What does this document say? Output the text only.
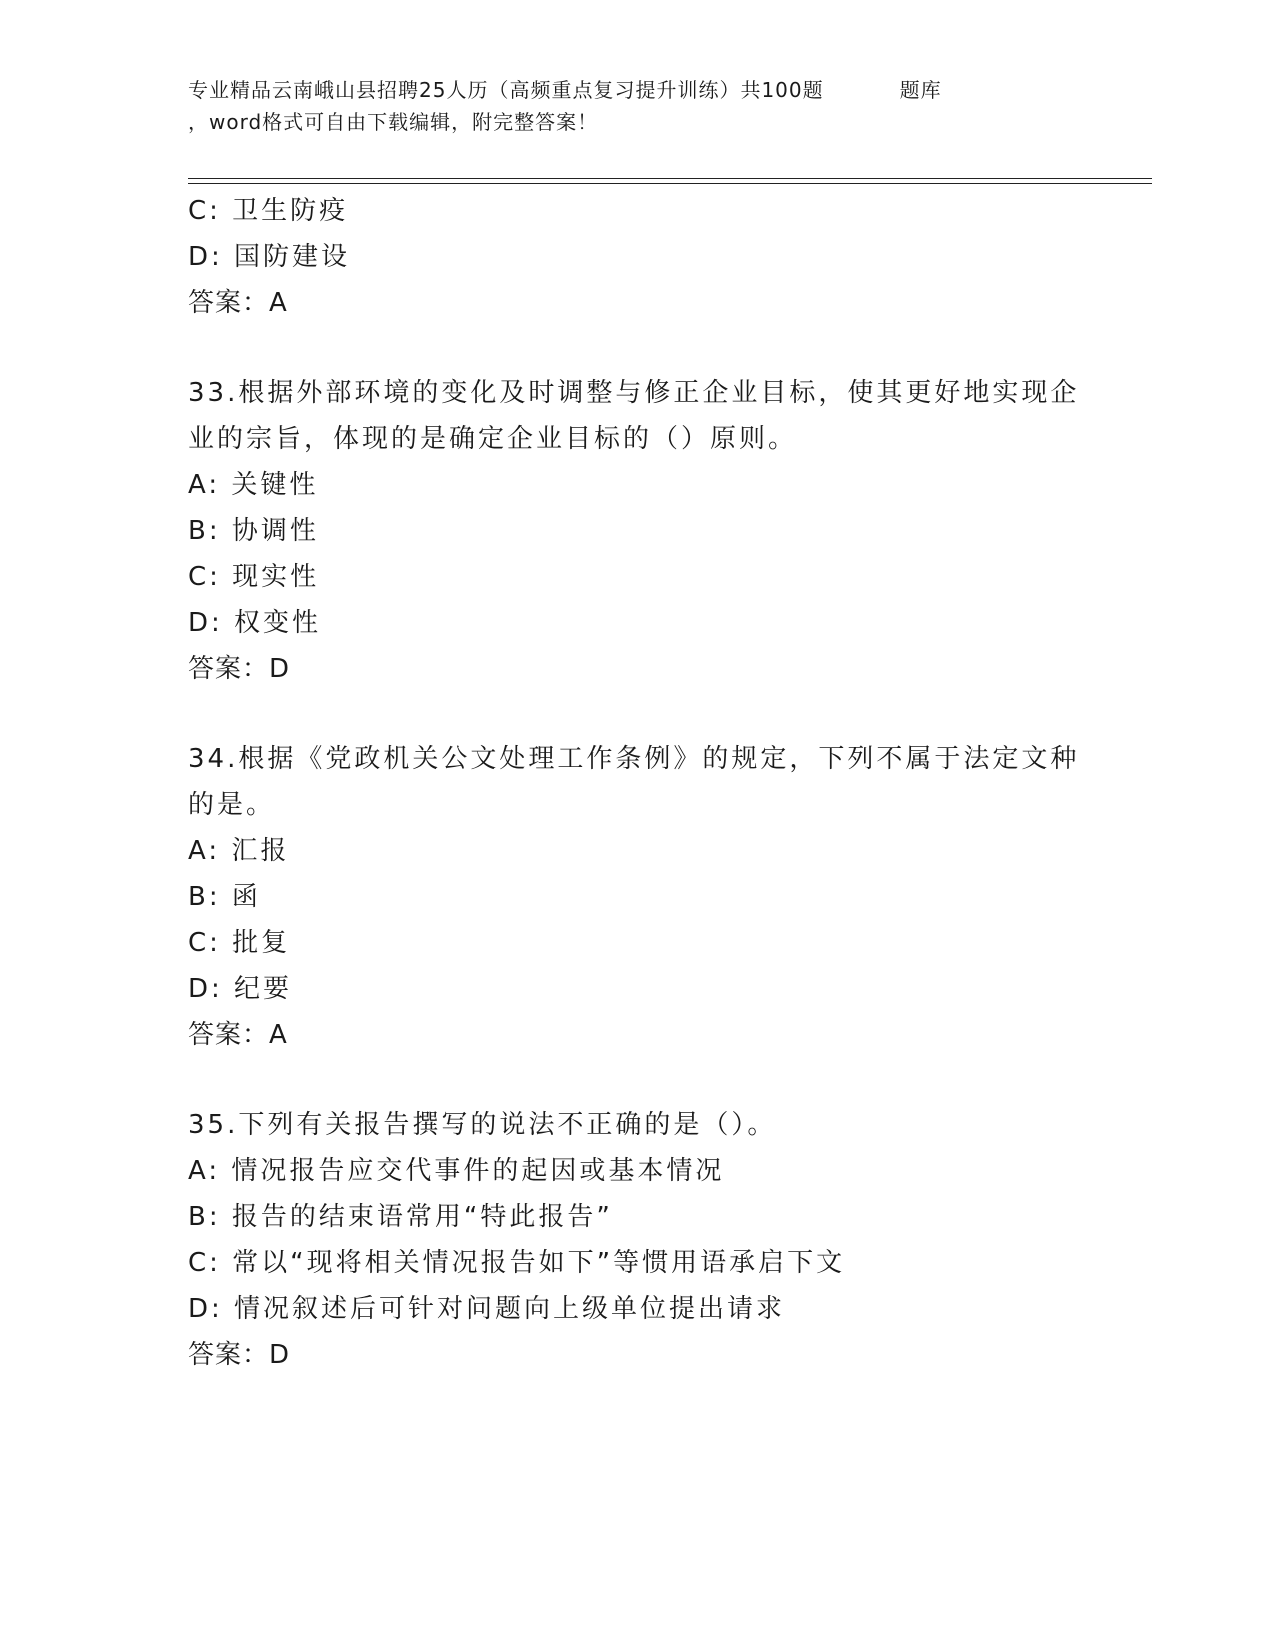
专业精品云南峨山县招聘25人历（高频重点复习提升训练）共100题	题库
，word格式可自由下载编辑，附完整答案！
C: 卫生防疫
D: 国防建设
答案：A
33.根据外部环境的变化及时调整与修正企业目标，使其更好地实现企
业的宗旨，体现的是确定企业目标的（）原则。
A: 关键性
B: 协调性
C: 现实性
D: 权变性
答案：D
34.根据《党政机关公文处理工作条例》的规定，下列不属于法定文种
的是。
A: 汇报
B: 函
C: 批复
D: 纪要
答案：A
35.下列有关报告撰写的说法不正确的是（）。
A: 情况报告应交代事件的起因或基本情况
B: 报告的结束语常用“特此报告”
C: 常以“现将相关情况报告如下”等惯用语承启下文
D: 情况叙述后可针对问题向上级单位提出请求
答案：D
